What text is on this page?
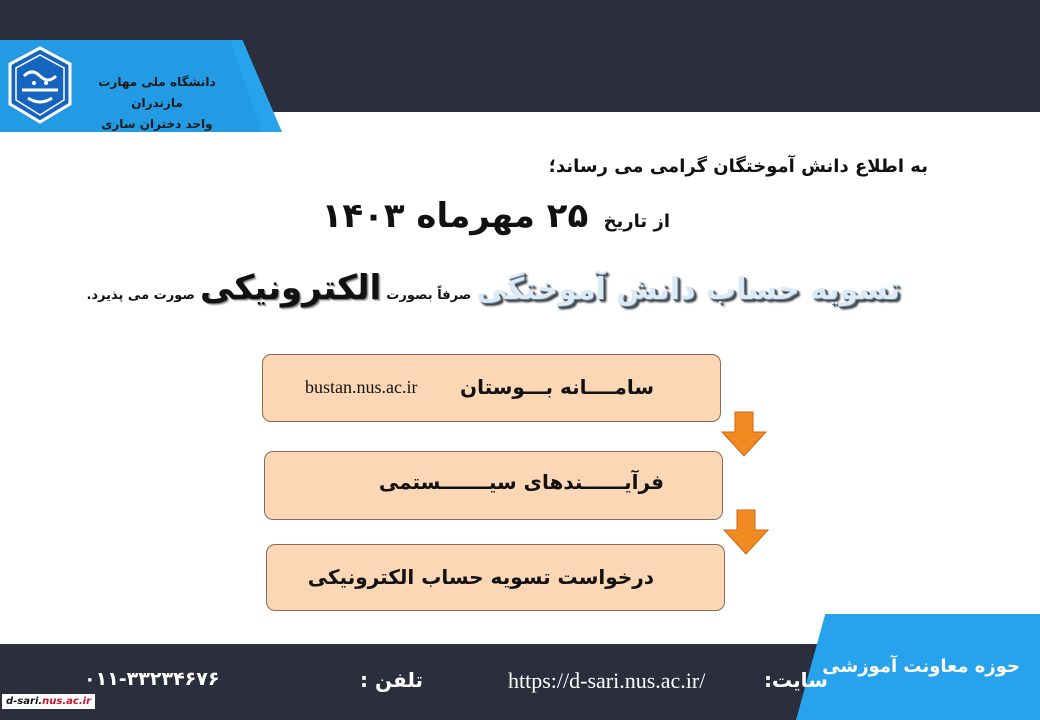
دانشگاه ملی مهارت مازندران
واحد دختران ساری
به اطلاع دانش آموختگان گرامی می رساند؛
از تاریخ   ۲۵ مهرماه ۱۴۰۳
تسویه حساب دانش آموختگی صرفاً بصورت الکترونیکی صورت می پذیرد.
سامــــانه بـــوستان
bustan.nus.ac.ir
فرآیــــــندهای سیـــــــستمی
درخواست تسویه حساب الکترونیکی
حوزه معاونت آموزشی
سایت:
https://d-sari.nus.ac.ir/
تلفن :
۰۱۱-۳۳۲۳۴۶۷۶
d-sari.nus.ac.ir
